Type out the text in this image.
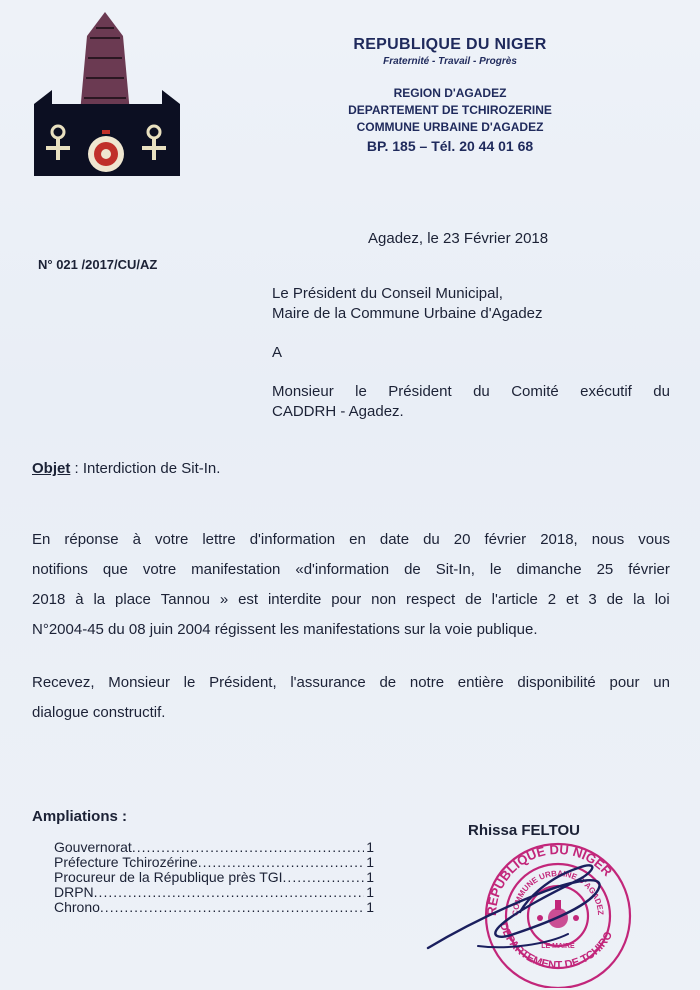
REPUBLIQUE DU NIGER
Fraternité - Travail - Progrès
REGION D'AGADEZ
DEPARTEMENT DE TCHIROZERINE
COMMUNE URBAINE D'AGADEZ
BP. 185 – Tél. 20 44 01 68
Agadez, le 23 Février 2018
N° 021 /2017/CU/AZ
Le Président du Conseil Municipal,
Maire de la Commune Urbaine d'Agadez
A
Monsieur le Président du Comité exécutif du
CADDRH - Agadez.
Objet : Interdiction de Sit-In.
En réponse à votre lettre d'information en date du 20 février 2018, nous vous
notifions que votre manifestation «d'information de Sit-In, le dimanche 25 février
2018 à la place Tannou » est interdite pour non respect de l'article 2 et 3 de la loi
N°2004-45 du 08 juin 2004 régissent les manifestations sur la voie publique.
Recevez, Monsieur le Président, l'assurance de notre entière disponibilité pour un
dialogue constructif.
Ampliations :
Gouvernorat .....	1
Préfecture Tchirozérine .....	1
Procureur de la République près TGI .....	1
DRPN .....	1
Chrono .....	1
Rhissa FELTOU
REPUBLIQUE DU NIGER
COMMUNE URBAINE D'AGADEZ
DEPARTEMENT DE TCHIRO
LE MAIRE
